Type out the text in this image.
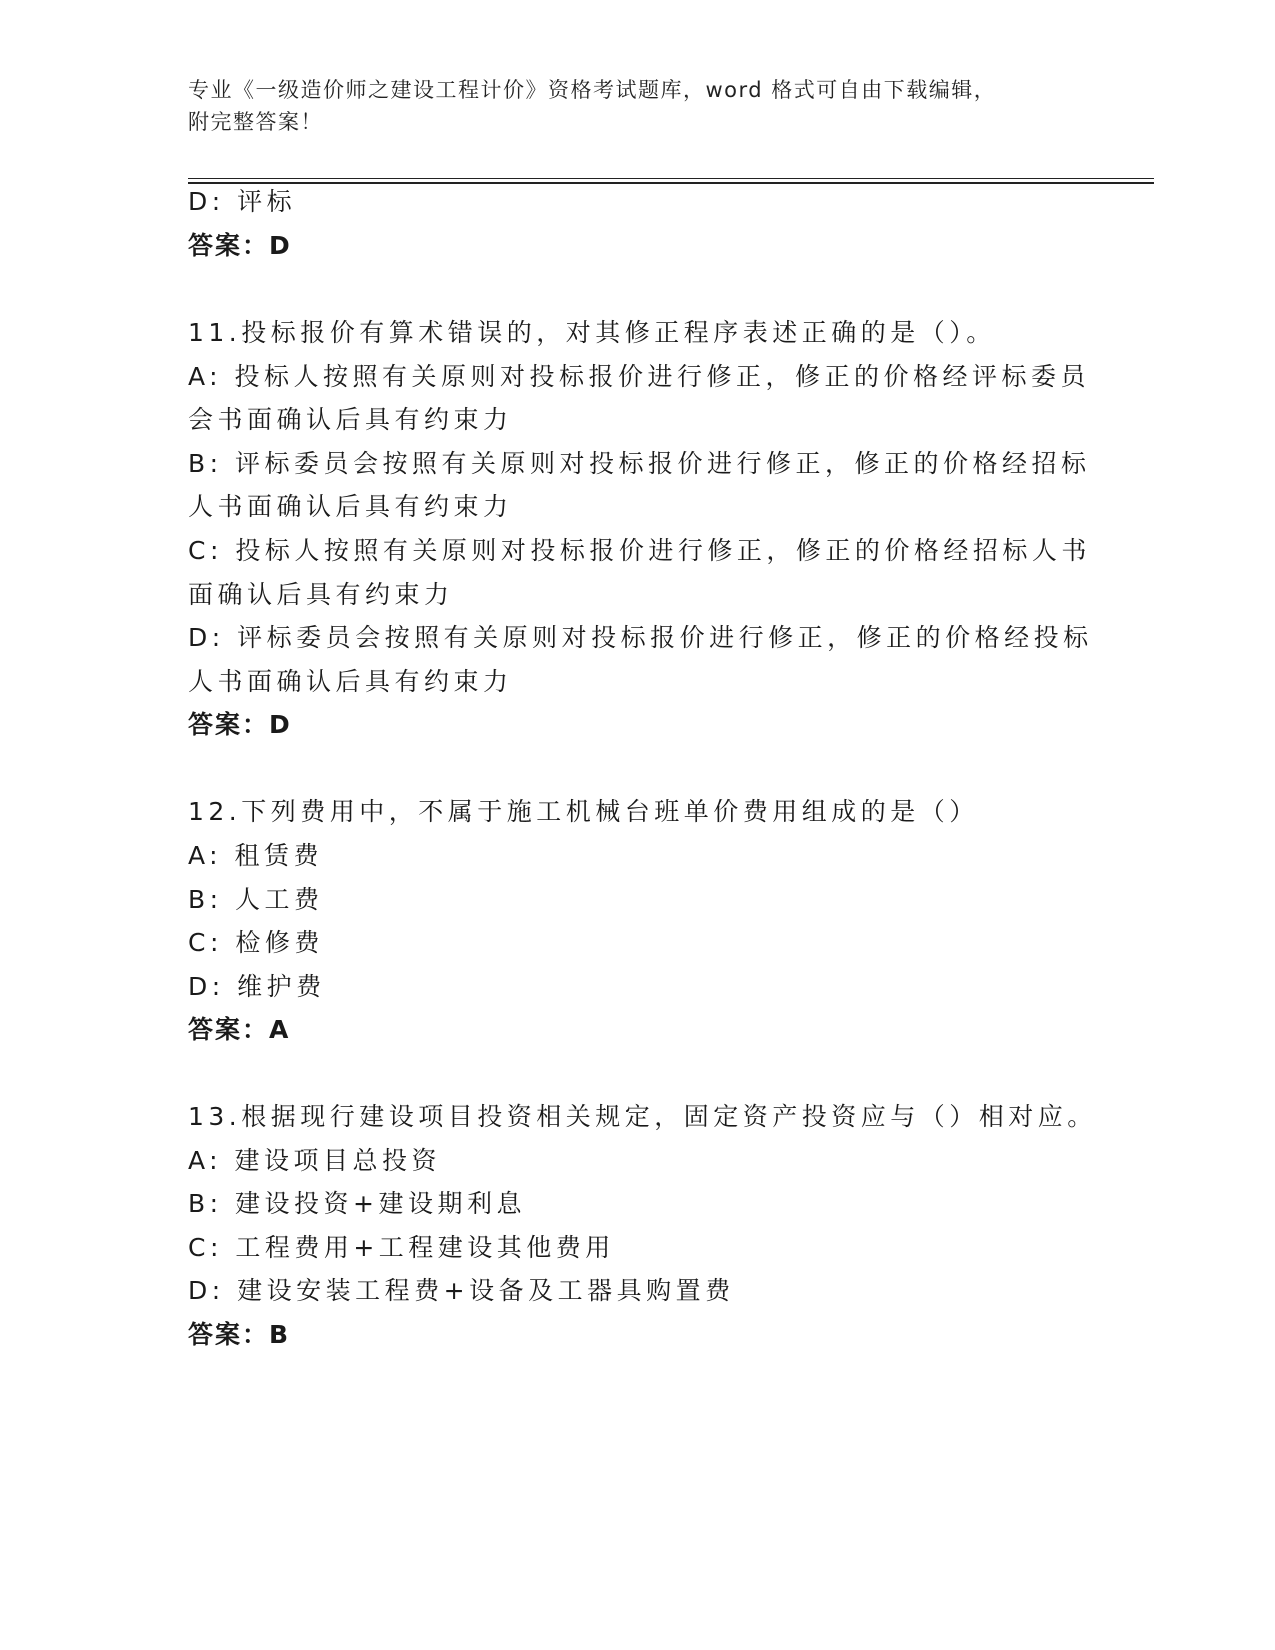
专业《一级造价师之建设工程计价》资格考试题库，word 格式可自由下载编辑，
附完整答案！
D: 评标
答案：D
11.投标报价有算术错误的，对其修正程序表述正确的是（）。
A: 投标人按照有关原则对投标报价进行修正，修正的价格经评标委员
会书面确认后具有约束力
B: 评标委员会按照有关原则对投标报价进行修正，修正的价格经招标
人书面确认后具有约束力
C: 投标人按照有关原则对投标报价进行修正，修正的价格经招标人书
面确认后具有约束力
D: 评标委员会按照有关原则对投标报价进行修正，修正的价格经投标
人书面确认后具有约束力
答案：D
12.下列费用中，不属于施工机械台班单价费用组成的是（）
A: 租赁费
B: 人工费
C: 检修费
D: 维护费
答案：A
13.根据现行建设项目投资相关规定，固定资产投资应与（）相对应。
A: 建设项目总投资
B: 建设投资+建设期利息
C: 工程费用+工程建设其他费用
D: 建设安装工程费+设备及工器具购置费
答案：B
